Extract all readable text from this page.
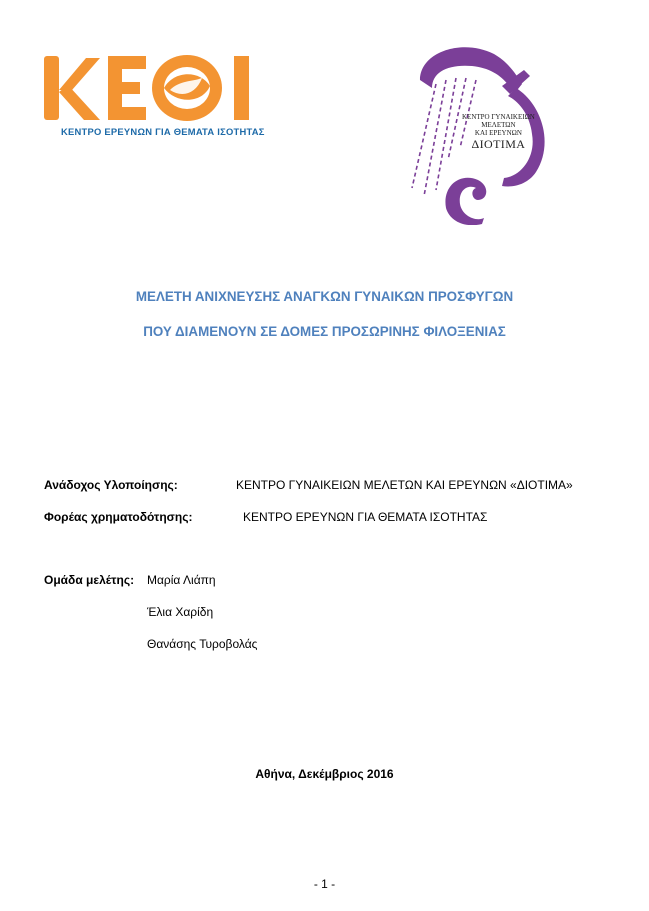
ΚΕΝΤΡΟ ΕΡΕΥΝΩΝ ΓΙΑ ΘΕΜΑΤΑ ΙΣΟΤΗΤΑΣ
ΚΕΝΤΡΟ ΓΥΝΑΙΚΕΙΩΝ
ΜΕΛΕΤΩΝ
ΚΑΙ ΕΡΕΥΝΩΝ
ΔΙΟΤΙΜΑ
ΜΕΛΕΤΗ ΑΝΙΧΝΕΥΣΗΣ ΑΝΑΓΚΩΝ ΓΥΝΑΙΚΩΝ ΠΡΟΣΦΥΓΩΝ
ΠΟΥ ΔΙΑΜΕΝΟΥΝ ΣΕ ΔΟΜΕΣ ΠΡΟΣΩΡΙΝΗΣ ΦΙΛΟΞΕΝΙΑΣ
Ανάδοχος Υλοποίησης:	ΚΕΝΤΡΟ ΓΥΝΑΙΚΕΙΩΝ ΜΕΛΕΤΩΝ ΚΑΙ ΕΡΕΥΝΩΝ «ΔΙΟΤΙΜΑ»
Φορέας χρηματοδότησης:	ΚΕΝΤΡΟ ΕΡΕΥΝΩΝ ΓΙΑ ΘΕΜΑΤΑ ΙΣΟΤΗΤΑΣ
Ομάδα μελέτης: Μαρία Λιάπη
Έλια Χαρίδη
Θανάσης Τυροβολάς
Αθήνα, Δεκέμβριος 2016
- 1 -
